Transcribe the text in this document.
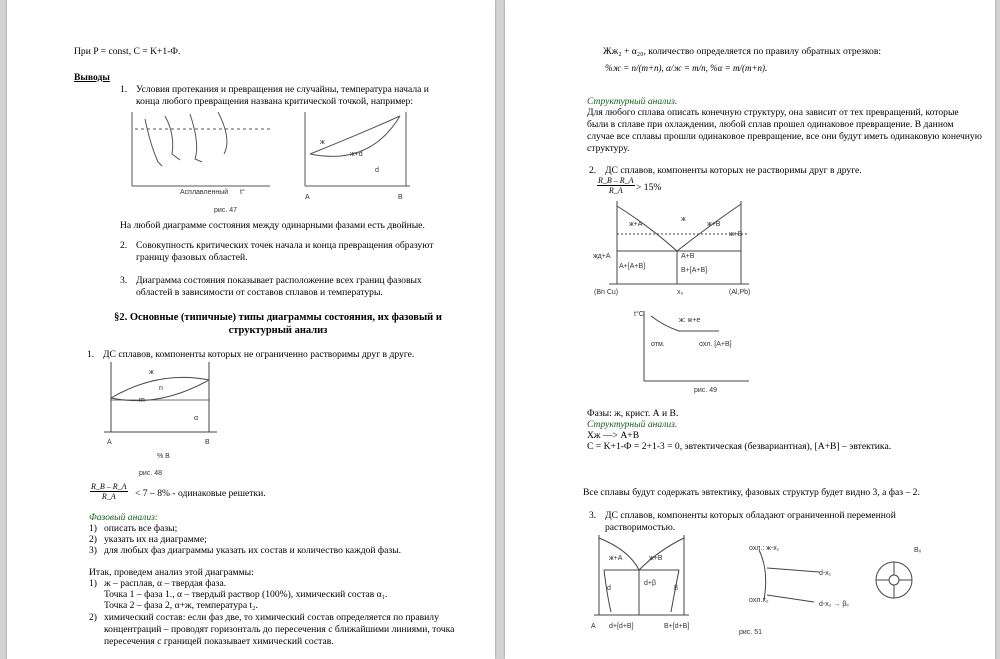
При P = const, C = K+1-Ф.
Выводы
1. Условия протекания и превращения не случайны, температура начала и конца любого превращения названа критической точкой, например:
Асплавленный t°
ж
ж+d
d
A	B
рис. 47
На любой диаграмме состояния между одинарными фазами есть двойные.
2. Совокупность критических точек начала и конца превращения образуют границу фазовых областей.
3. Диаграмма состояния показывает расположение всех границ фазовых областей в зависимости от составов сплавов и температуры.
§2. Основные (типичные) типы диаграммы состояния, их фазовый и структурный анализ
1. ДС сплавов, компоненты которых не ограниченно растворимы друг в друге.
ж
n
m
α
A	B
% B
рис. 48
$\frac{R\_B - R\_A}{R\_A} < 7 - 8\%$ - одинаковые решетки.
Фазовый анализ:
1) описать все фазы;
2) указать их на диаграмме;
3) для любых фаз диаграммы указать их состав и количество каждой фазы.
Итак, проведем анализ этой диаграммы:
1) ж – расплав, α – твердая фаза.
Точка 1 – фаза 1., α – твердый раствор (100%), химический состав α₁.
Точка 2 – фаза 2, α+ж, температура t₂.
2) химический состав: если фаз две, то химический состав определяется по правилу концентраций – проводят горизонталь до пересечения с ближайшими линиями, точка пересечения с границей показывает химический состав.
Жж₂ + α₂₀, количество определяется по правилу обратных отрезков:
%ж = n/(m+n), α/ж = m/n, %α = m/(m+n).
Структурный анализ.
Для любого сплава описать конечную структуру, она зависит от тех превращений, которые были в сплаве при охлаждении, любой сплав прошел одинаковое превращение. В данном случае все сплавы прошли одинаковое превращение, все они будут иметь одинаковую конечную структуру.
2. ДС сплавов, компоненты которых не растворимы друг в друге.
$\frac{R\_B - R\_A}{R\_A} > 15\%$
ж+A
ж
ж+B
A+[A+B]
A+B
B+[A+B]
ж+B
жд+A
(Bn Cu)	(Al,Pb)
x₀
t°C
ж: ж+e
отм.	охл. [A+B]
рис. 49
Фазы: ж, крист. А и В.
Структурный анализ.
Хж —> А+В
C = K+1-Ф = 2+1-3 = 0, эвтектическая (безвариантная), [А+В] – эвтектика.
Все сплавы будут содержать эвтектику, фазовых структур будет видно 3, а фаз – 2.
3. ДС сплавов, компоненты которых обладают ограниченной переменной растворимостью.
ж+A	ж+B
d+β
d	β
A d+[d+B]	B+[d+B]
охл.: ж-x₁
d-x₁
охл.x₂
d-x₂ → βᵢᵢ
Bᵢᵢ
рис. 51
